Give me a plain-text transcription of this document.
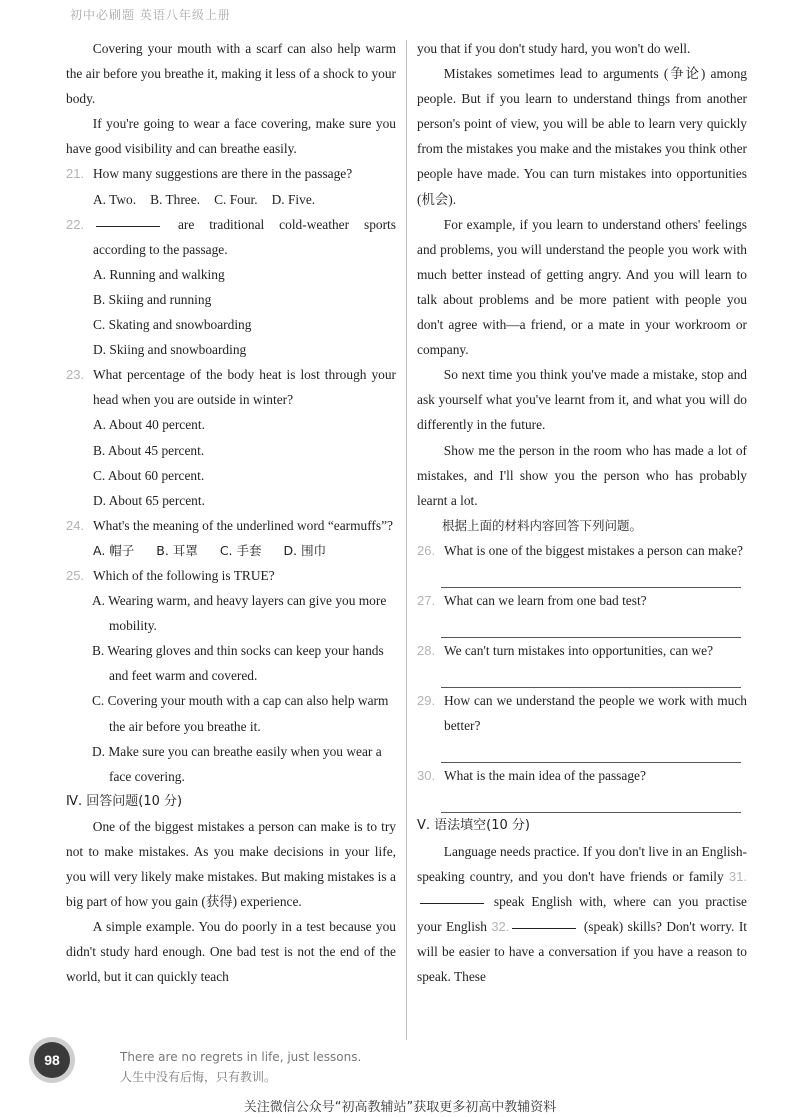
初中必刷题 英语八年级上册

Covering your mouth with a scarf can also help warm the air before you breathe it, making it less of a shock to your body.

If you're going to wear a face covering, make sure you have good visibility and can breathe easily.

21. How many suggestions are there in the passage?
A. Two. B. Three. C. Four. D. Five.
22.	are traditional cold-weather sports according to the passage.
A. Running and walking
B. Skiing and running
C. Skating and snowboarding
D. Skiing and snowboarding
23. What percentage of the body heat is lost through your head when you are outside in winter?
A. About 40 percent.
B. About 45 percent.
C. About 60 percent.
D. About 65 percent.
24. What's the meaning of the underlined word “earmuffs”?
A. 帽子 B. 耳罩 C. 手套 D. 围巾
25. Which of the following is TRUE?
A. Wearing warm, and heavy layers can give you more mobility.
B. Wearing gloves and thin socks can keep your hands and feet warm and covered.
C. Covering your mouth with a cap can also help warm the air before you breathe it.
D. Make sure you can breathe easily when you wear a face covering.
Ⅳ. 回答问题(10 分)

One of the biggest mistakes a person can make is to try not to make mistakes. As you make decisions in your life, you will very likely make mistakes. But making mistakes is a big part of how you gain (获得) experience.

A simple example. You do poorly in a test because you didn't study hard enough. One bad test is not the end of the world, but it can quickly teach

you that if you don't study hard, you won't do well.

Mistakes sometimes lead to arguments (争论) among people. But if you learn to understand things from another person's point of view, you will be able to learn very quickly from the mistakes you make and the mistakes you think other people have made. You can turn mistakes into opportunities (机会).

For example, if you learn to understand others' feelings and problems, you will understand the people you work with much better instead of getting angry. And you will learn to talk about problems and be more patient with people you don't agree with—a friend, or a mate in your workroom or company.

So next time you think you've made a mistake, stop and ask yourself what you've learnt from it, and what you will do differently in the future.

Show me the person in the room who has made a lot of mistakes, and I'll show you the person who has probably learnt a lot.

根据上面的材料内容回答下列问题。

26. What is one of the biggest mistakes a person can make?
27. What can we learn from one bad test?
28. We can't turn mistakes into opportunities, can we?
29. How can we understand the people we work with much better?
30. What is the main idea of the passage?
Ⅴ. 语法填空(10 分)

Language needs practice. If you don't live in an English-speaking country, and you don't have friends or family 31. speak English with, where can you practise your English 32.	(speak) skills? Don't worry. It will be easier to have a conversation if you have a reason to speak. These

98	There are no regrets in life, just lessons.
人生中没有后悔，只有教训。
关注微信公众号“初高教辅站”获取更多初高中教辅资料
